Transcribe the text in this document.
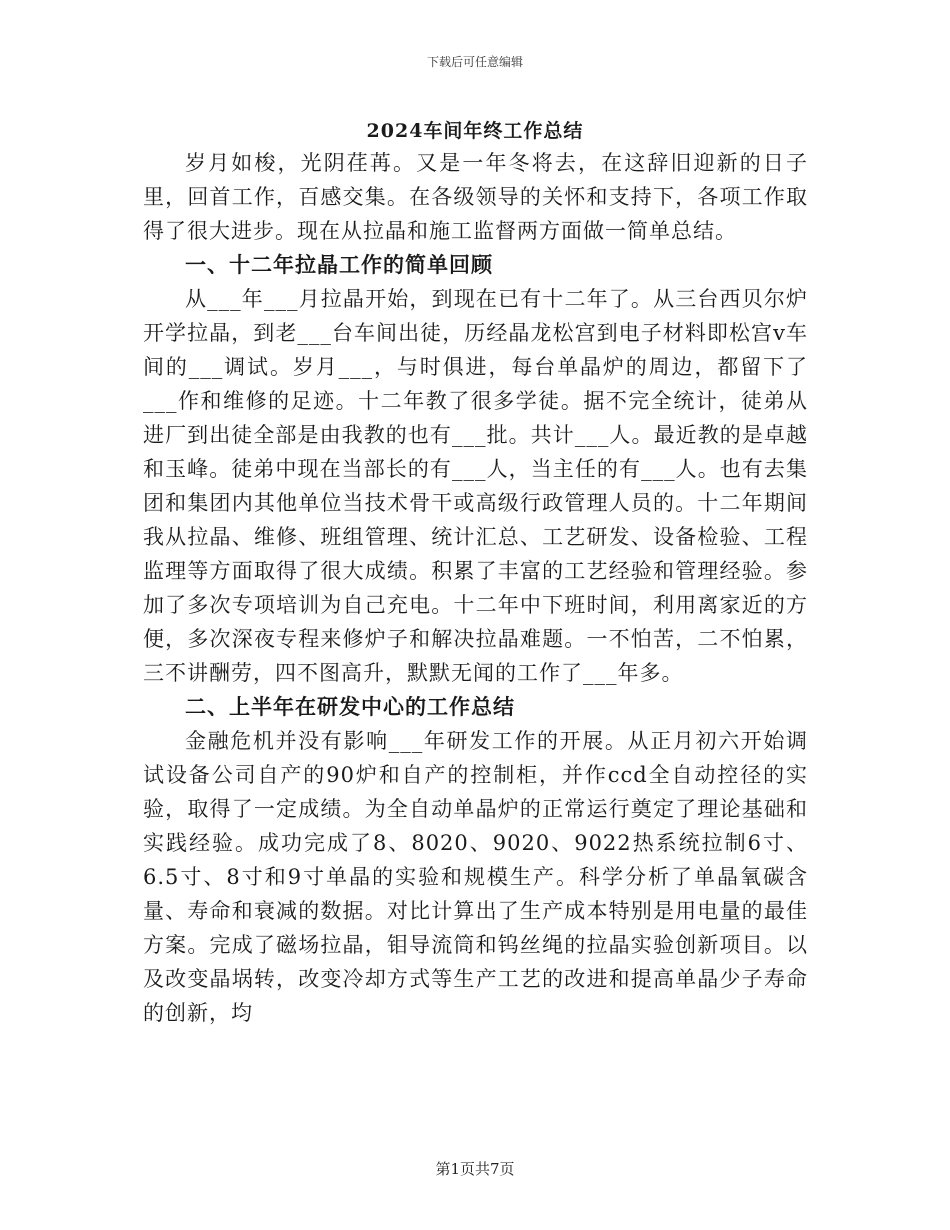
下载后可任意编辑
2024车间年终工作总结

岁月如梭，光阴荏苒。又是一年冬将去，在这辞旧迎新的日子里，回首工作，百感交集。在各级领导的关怀和支持下，各项工作取得了很大进步。现在从拉晶和施工监督两方面做一简单总结。

一、十二年拉晶工作的简单回顾

从___年___月拉晶开始，到现在已有十二年了。从三台西贝尔炉开学拉晶，到老___台车间出徒，历经晶龙松宫到电子材料即松宫v车间的___调试。岁月___，与时俱进，每台单晶炉的周边，都留下了___作和维修的足迹。十二年教了很多学徒。据不完全统计，徒弟从进厂到出徒全部是由我教的也有___批。共计___人。最近教的是卓越和玉峰。徒弟中现在当部长的有___人，当主任的有___人。也有去集团和集团内其他单位当技术骨干或高级行政管理人员的。十二年期间我从拉晶、维修、班组管理、统计汇总、工艺研发、设备检验、工程监理等方面取得了很大成绩。积累了丰富的工艺经验和管理经验。参加了多次专项培训为自己充电。十二年中下班时间，利用离家近的方便，多次深夜专程来修炉子和解决拉晶难题。一不怕苦，二不怕累，三不讲酬劳，四不图高升，默默无闻的工作了___年多。

二、上半年在研发中心的工作总结

金融危机并没有影响___年研发工作的开展。从正月初六开始调试设备公司自产的90炉和自产的控制柜，并作ccd全自动控径的实验，取得了一定成绩。为全自动单晶炉的正常运行奠定了理论基础和实践经验。成功完成了8、8020、9020、9022热系统拉制6寸、6.5寸、8寸和9寸单晶的实验和规模生产。科学分析了单晶氧碳含量、寿命和衰减的数据。对比计算出了生产成本特别是用电量的最佳方案。完成了磁场拉晶，钼导流筒和钨丝绳的拉晶实验创新项目。以及改变晶埚转，改变冷却方式等生产工艺的改进和提高单晶少子寿命的创新，均

第1页共7页
